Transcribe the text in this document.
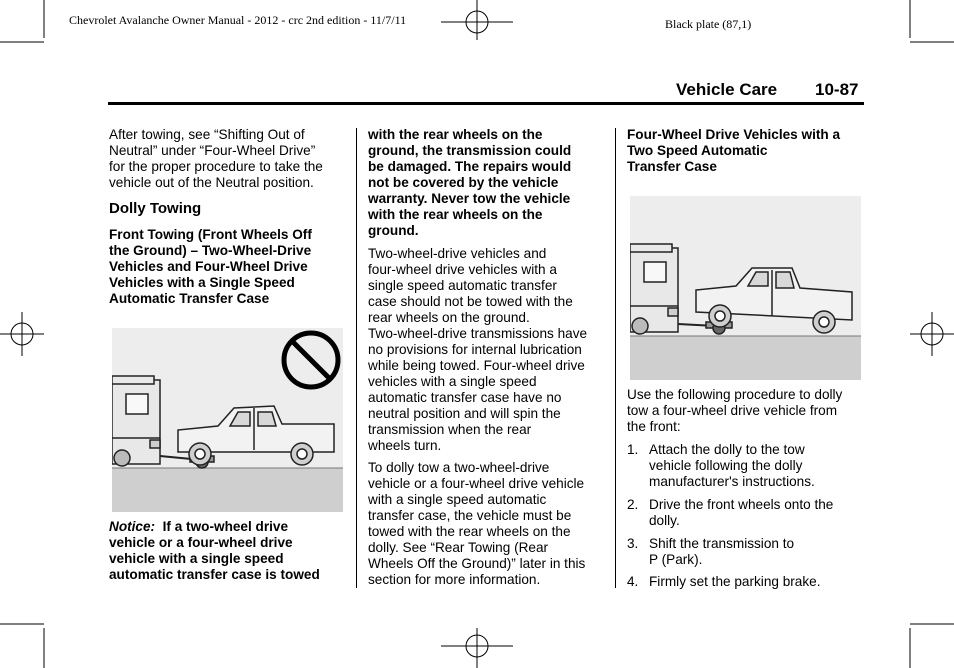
Chevrolet Avalanche Owner Manual - 2012 - crc 2nd edition - 11/7/11	Black plate (87,1)
Vehicle Care 10-87
After towing, see “Shifting Out of
Neutral” under “Four-Wheel Drive”
for the proper procedure to take the
vehicle out of the Neutral position.
Dolly Towing
Front Towing (Front Wheels Off
the Ground) – Two-Wheel-Drive
Vehicles and Four-Wheel Drive
Vehicles with a Single Speed
Automatic Transfer Case
Notice: If a two-wheel drive
vehicle or a four-wheel drive
vehicle with a single speed
automatic transfer case is towed
with the rear wheels on the
ground, the transmission could
be damaged. The repairs would
not be covered by the vehicle
warranty. Never tow the vehicle
with the rear wheels on the
ground.
Two-wheel-drive vehicles and
four-wheel drive vehicles with a
single speed automatic transfer
case should not be towed with the
rear wheels on the ground.
Two-wheel-drive transmissions have
no provisions for internal lubrication
while being towed. Four-wheel drive
vehicles with a single speed
automatic transfer case have no
neutral position and will spin the
transmission when the rear
wheels turn.
To dolly tow a two-wheel-drive
vehicle or a four-wheel drive vehicle
with a single speed automatic
transfer case, the vehicle must be
towed with the rear wheels on the
dolly. See “Rear Towing (Rear
Wheels Off the Ground)” later in this
section for more information.
Four-Wheel Drive Vehicles with a
Two Speed Automatic
Transfer Case
Use the following procedure to dolly
tow a four-wheel drive vehicle from
the front:
1. Attach the dolly to the tow
vehicle following the dolly
manufacturer's instructions.
2. Drive the front wheels onto the
dolly.
3. Shift the transmission to
P (Park).
4. Firmly set the parking brake.
